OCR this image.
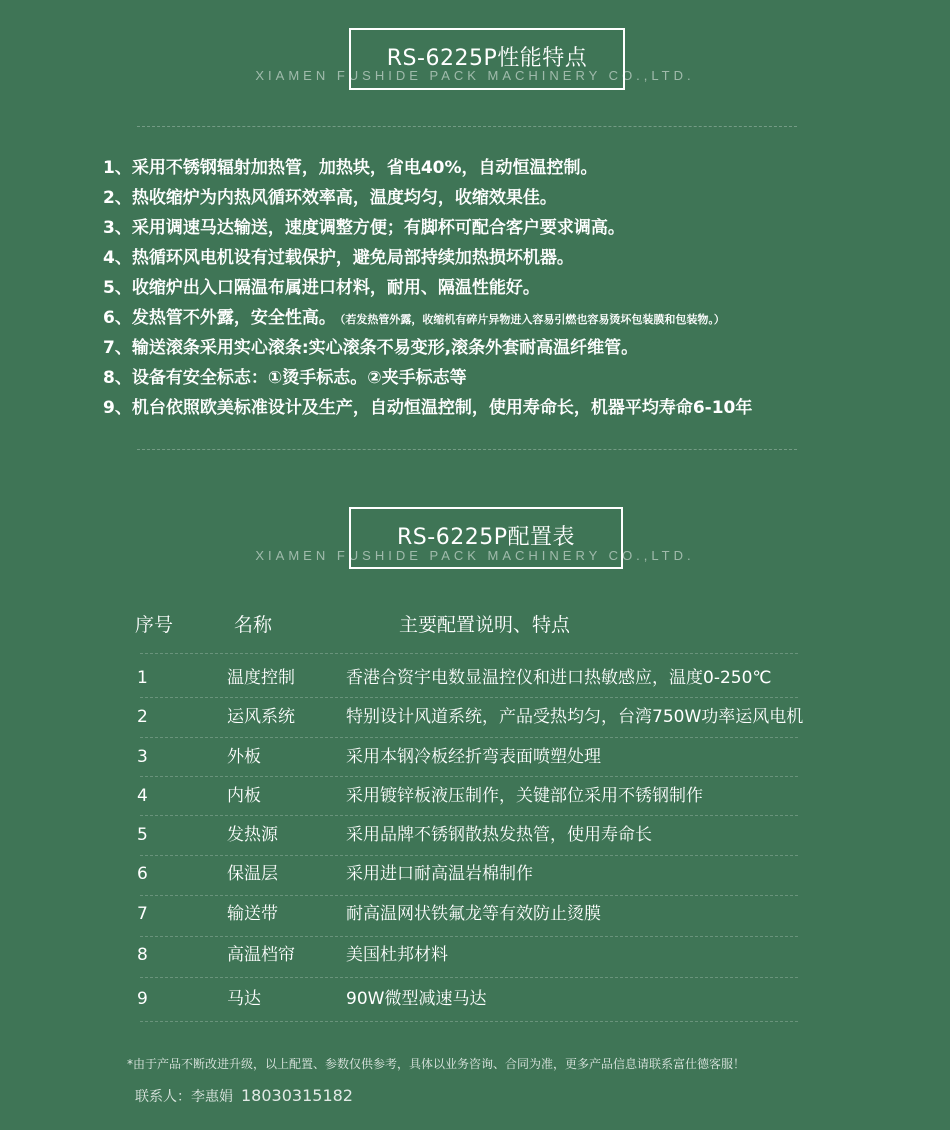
RS-6225P性能特点

XIAMEN FUSHIDE PACK MACHINERY CO.,LTD.

1、采用不锈钢辐射加热管，加热块，省电40%，自动恒温控制。
2、热收缩炉为内热风循环效率高，温度均匀，收缩效果佳。
3、采用调速马达输送，速度调整方便；有脚杯可配合客户要求调高。
4、热循环风电机设有过载保护，避免局部持续加热损坏机器。
5、收缩炉出入口隔温布属进口材料，耐用、隔温性能好。
6、发热管不外露，安全性高。 （若发热管外露，收缩机有碎片异物进入容易引燃也容易烫坏包装膜和包装物。）
7、输送滚条采用实心滚条:实心滚条不易变形,滚条外套耐高温纤维管。
8、设备有安全标志：①烫手标志。②夹手标志等
9、机台依照欧美标准设计及生产，自动恒温控制，使用寿命长，机器平均寿命6-10年
RS-6225P配置表

XIAMEN FUSHIDE PACK MACHINERY CO.,LTD.

序号	名称	主要配置说明、特点
1	温度控制	香港合资宇电数显温控仪和进口热敏感应，温度0-250℃
2	运风系统	特别设计风道系统，产品受热均匀，台湾750W功率运风电机
3	外板	采用本钢冷板经折弯表面喷塑处理
4	内板	采用镀锌板液压制作，关键部位采用不锈钢制作
5	发热源	采用品牌不锈钢散热发热管，使用寿命长
6	保温层	采用进口耐高温岩棉制作
7	输送带	耐高温网状铁氟龙等有效防止烫膜
8	高温档帘	美国杜邦材料
9	马达	90W微型减速马达
*由于产品不断改进升级，以上配置、参数仅供参考，具体以业务咨询、合同为准，更多产品信息请联系富仕德客服！
联系人：李惠娟 18030315182
